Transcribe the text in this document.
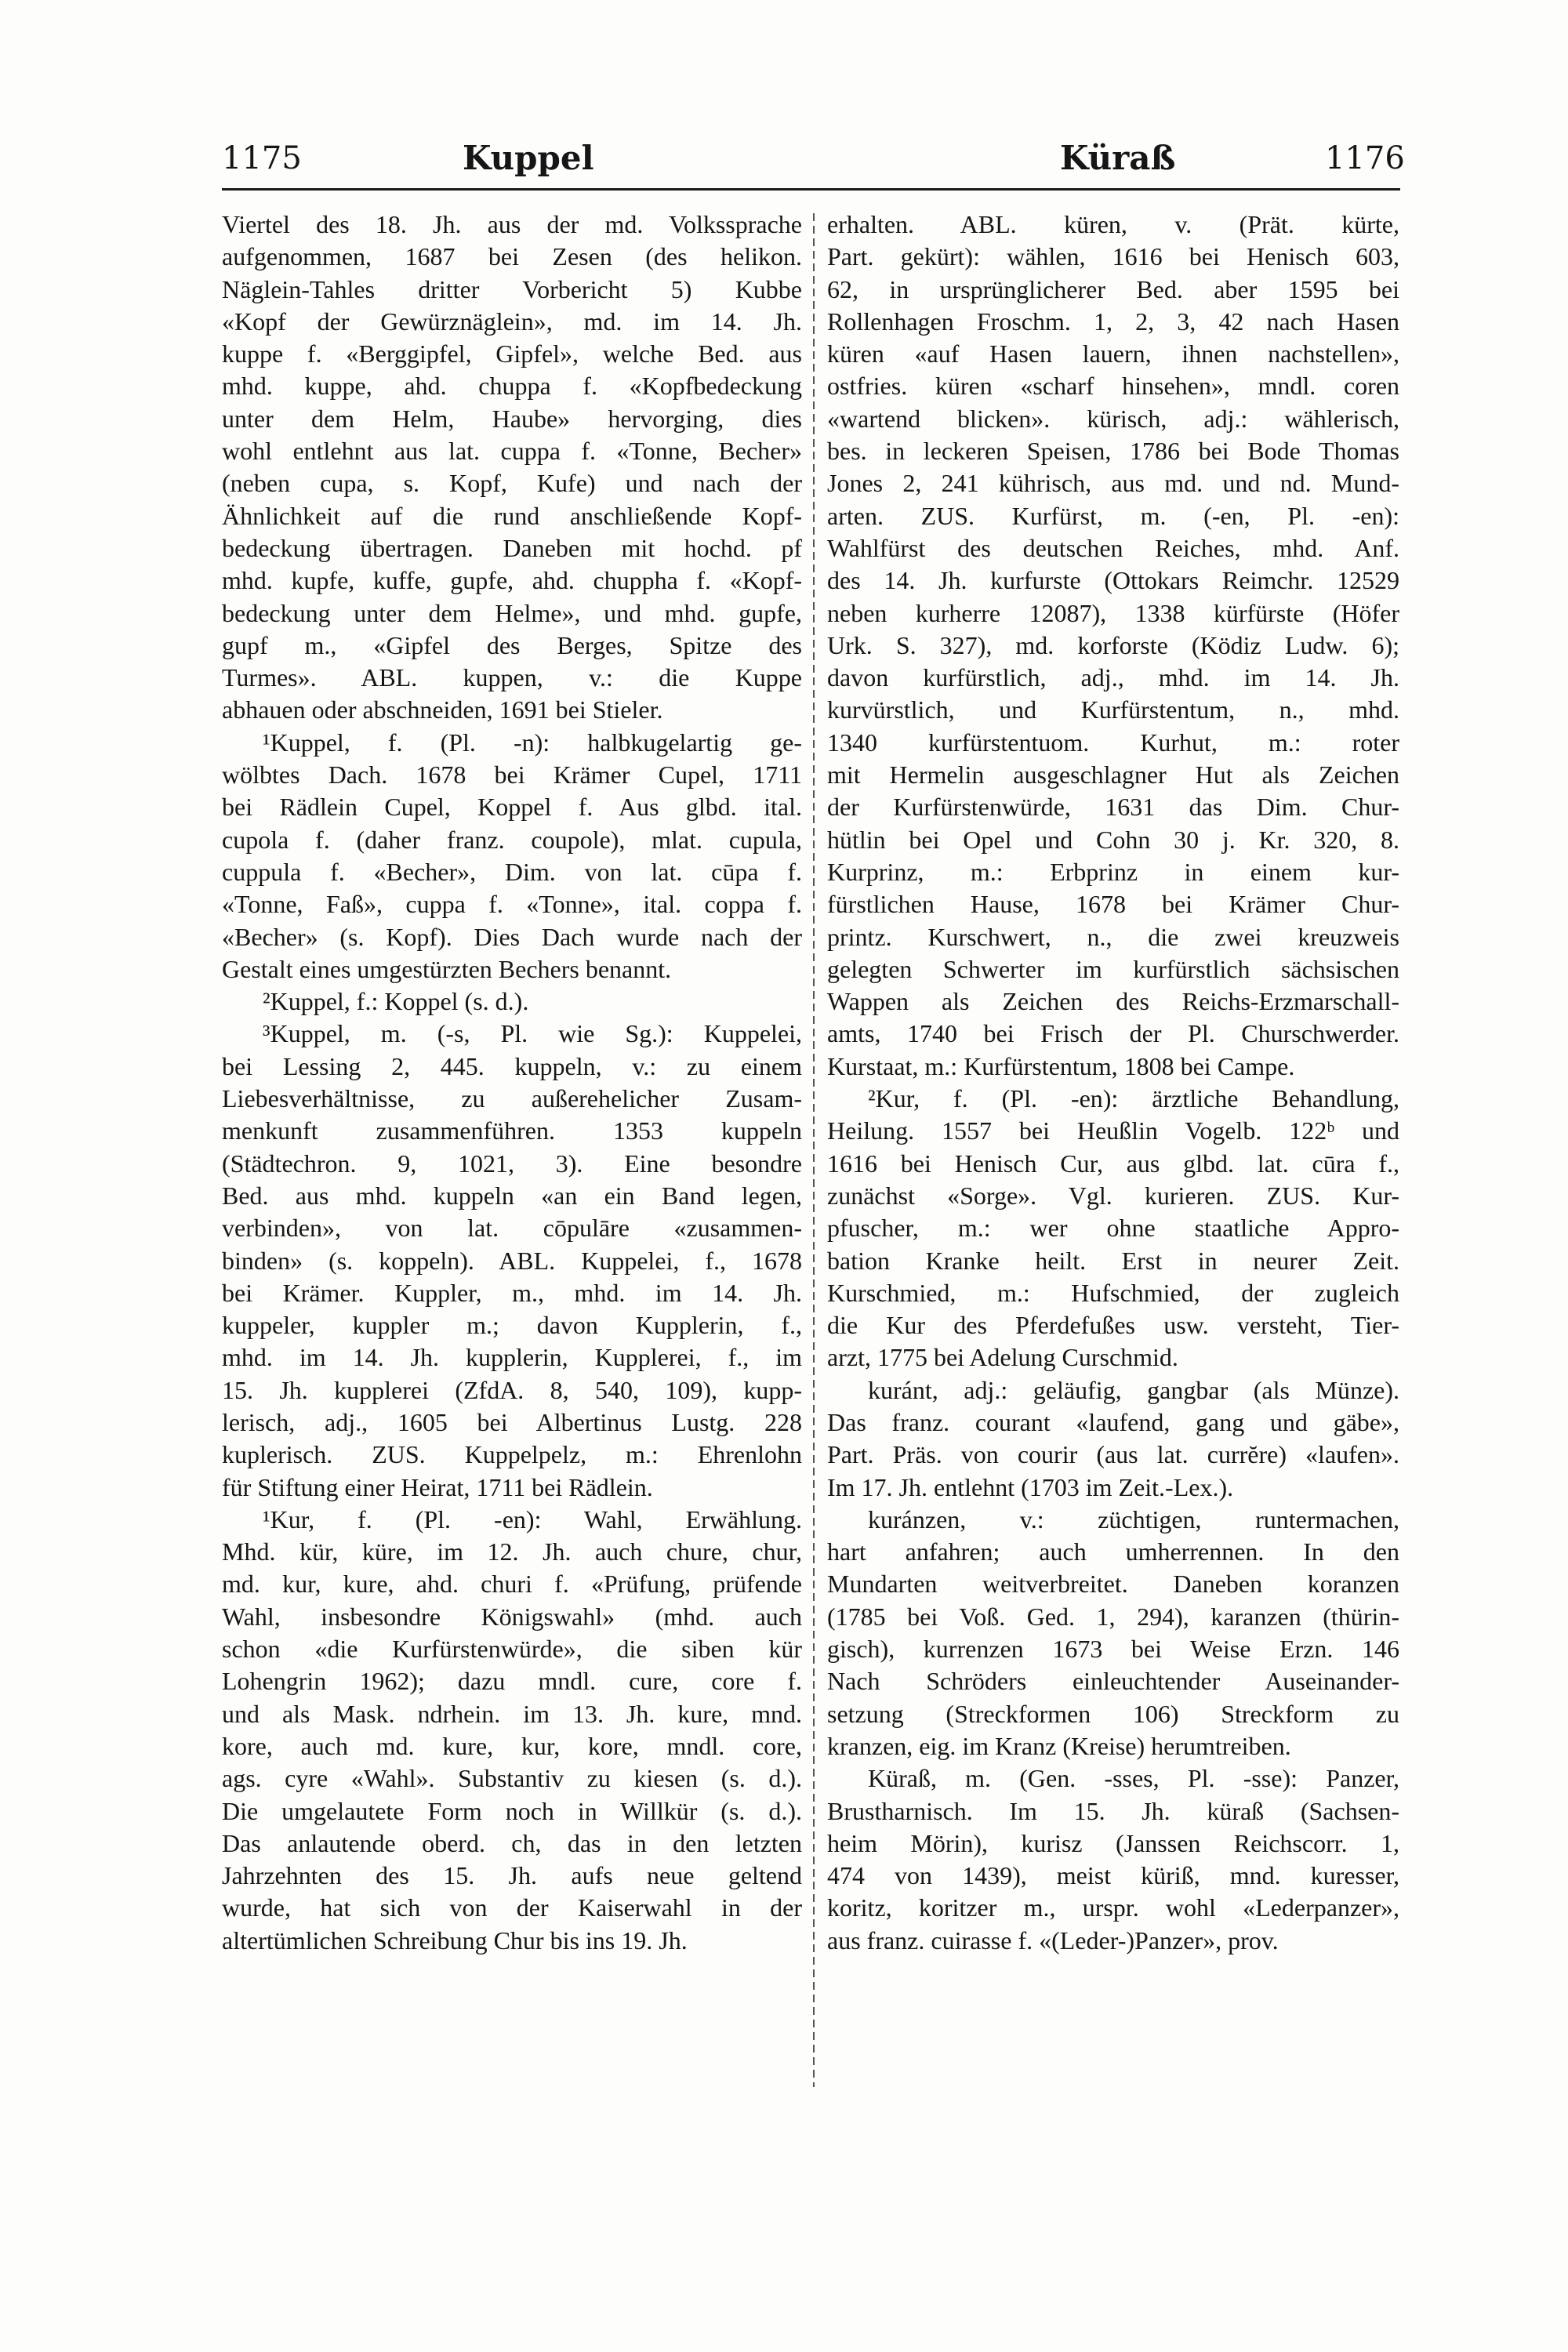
1175	Kuppel	Küraß	1176
Viertel des 18. Jh. aus der md. Volkssprache
aufgenommen, 1687 bei Zesen (des helikon.
Näglein-Tahles dritter Vorbericht 5) Kubbe
«Kopf der Gewürznäglein», md. im 14. Jh.
kuppe f. «Berggipfel, Gipfel», welche Bed. aus
mhd. kuppe, ahd. chuppa f. «Kopfbedeckung
unter dem Helm, Haube» hervorging, dies
wohl entlehnt aus lat. cuppa f. «Tonne, Becher»
(neben cupa, s. Kopf, Kufe) und nach der
Ähnlichkeit auf die rund anschließende Kopf-
bedeckung übertragen. Daneben mit hochd. pf
mhd. kupfe, kuffe, gupfe, ahd. chuppha f. «Kopf-
bedeckung unter dem Helme», und mhd. gupfe,
gupf m., «Gipfel des Berges, Spitze des
Turmes». ABL. kuppen, v.: die Kuppe
abhauen oder abschneiden, 1691 bei Stieler.
¹Kuppel, f. (Pl. -n): halbkugelartig ge-
wölbtes Dach. 1678 bei Krämer Cupel, 1711
bei Rädlein Cupel, Koppel f. Aus glbd. ital.
cupola f. (daher franz. coupole), mlat. cupula,
cuppula f. «Becher», Dim. von lat. cūpa f.
«Tonne, Faß», cuppa f. «Tonne», ital. coppa f.
«Becher» (s. Kopf). Dies Dach wurde nach der
Gestalt eines umgestürzten Bechers benannt.
²Kuppel, f.: Koppel (s. d.).
³Kuppel, m. (-s, Pl. wie Sg.): Kuppelei,
bei Lessing 2, 445. kuppeln, v.: zu einem
Liebesverhältnisse, zu außerehelicher Zusam-
menkunft zusammenführen. 1353 kuppeln
(Städtechron. 9, 1021, 3). Eine besondre
Bed. aus mhd. kuppeln «an ein Band legen,
verbinden», von lat. cōpulāre «zusammen-
binden» (s. koppeln). ABL. Kuppelei, f., 1678
bei Krämer. Kuppler, m., mhd. im 14. Jh.
kuppeler, kuppler m.; davon Kupplerin, f.,
mhd. im 14. Jh. kupplerin, Kupplerei, f., im
15. Jh. kupplerei (ZfdA. 8, 540, 109), kupp-
lerisch, adj., 1605 bei Albertinus Lustg. 228
kuplerisch. ZUS. Kuppelpelz, m.: Ehrenlohn
für Stiftung einer Heirat, 1711 bei Rädlein.
¹Kur, f. (Pl. -en): Wahl, Erwählung.
Mhd. kür, küre, im 12. Jh. auch chure, chur,
md. kur, kure, ahd. churi f. «Prüfung, prüfende
Wahl, insbesondre Königswahl» (mhd. auch
schon «die Kurfürstenwürde», die siben kür
Lohengrin 1962); dazu mndl. cure, core f.
und als Mask. ndrhein. im 13. Jh. kure, mnd.
kore, auch md. kure, kur, kore, mndl. core,
ags. cyre «Wahl». Substantiv zu kiesen (s. d.).
Die umgelautete Form noch in Willkür (s. d.).
Das anlautende oberd. ch, das in den letzten
Jahrzehnten des 15. Jh. aufs neue geltend
wurde, hat sich von der Kaiserwahl in der
altertümlichen Schreibung Chur bis ins 19. Jh.
erhalten. ABL. küren, v. (Prät. kürte,
Part. gekürt): wählen, 1616 bei Henisch 603,
62, in ursprünglicherer Bed. aber 1595 bei
Rollenhagen Froschm. 1, 2, 3, 42 nach Hasen
küren «auf Hasen lauern, ihnen nachstellen»,
ostfries. küren «scharf hinsehen», mndl. coren
«wartend blicken». kürisch, adj.: wählerisch,
bes. in leckeren Speisen, 1786 bei Bode Thomas
Jones 2, 241 kührisch, aus md. und nd. Mund-
arten. ZUS. Kurfürst, m. (-en, Pl. -en):
Wahlfürst des deutschen Reiches, mhd. Anf.
des 14. Jh. kurfurste (Ottokars Reimchr. 12529
neben kurherre 12087), 1338 kürfürste (Höfer
Urk. S. 327), md. korforste (Ködiz Ludw. 6);
davon kurfürstlich, adj., mhd. im 14. Jh.
kurvürstlich, und Kurfürstentum, n., mhd.
1340 kurfürstentuom. Kurhut, m.: roter
mit Hermelin ausgeschlagner Hut als Zeichen
der Kurfürstenwürde, 1631 das Dim. Chur-
hütlin bei Opel und Cohn 30 j. Kr. 320, 8.
Kurprinz, m.: Erbprinz in einem kur-
fürstlichen Hause, 1678 bei Krämer Chur-
printz. Kurschwert, n., die zwei kreuzweis
gelegten Schwerter im kurfürstlich sächsischen
Wappen als Zeichen des Reichs-Erzmarschall-
amts, 1740 bei Frisch der Pl. Churschwerder.
Kurstaat, m.: Kurfürstentum, 1808 bei Campe.
²Kur, f. (Pl. -en): ärztliche Behandlung,
Heilung. 1557 bei Heußlin Vogelb. 122ᵇ und
1616 bei Henisch Cur, aus glbd. lat. cūra f.,
zunächst «Sorge». Vgl. kurieren. ZUS. Kur-
pfuscher, m.: wer ohne staatliche Appro-
bation Kranke heilt. Erst in neurer Zeit.
Kurschmied, m.: Hufschmied, der zugleich
die Kur des Pferdefußes usw. versteht, Tier-
arzt, 1775 bei Adelung Curschmid.
kuránt, adj.: geläufig, gangbar (als Münze).
Das franz. courant «laufend, gang und gäbe»,
Part. Präs. von courir (aus lat. currĕre) «laufen».
Im 17. Jh. entlehnt (1703 im Zeit.-Lex.).
kuránzen, v.: züchtigen, runtermachen,
hart anfahren; auch umherrennen. In den
Mundarten weitverbreitet. Daneben koranzen
(1785 bei Voß. Ged. 1, 294), karanzen (thürin-
gisch), kurrenzen 1673 bei Weise Erzn. 146
Nach Schröders einleuchtender Auseinander-
setzung (Streckformen 106) Streckform zu
kranzen, eig. im Kranz (Kreise) herumtreiben.
Küraß, m. (Gen. -sses, Pl. -sse): Panzer,
Brustharnisch. Im 15. Jh. küraß (Sachsen-
heim Mörin), kurisz (Janssen Reichscorr. 1,
474 von 1439), meist küriß, mnd. kuresser,
koritz, koritzer m., urspr. wohl «Lederpanzer»,
aus franz. cuirasse f. «(Leder-)Panzer», prov.
